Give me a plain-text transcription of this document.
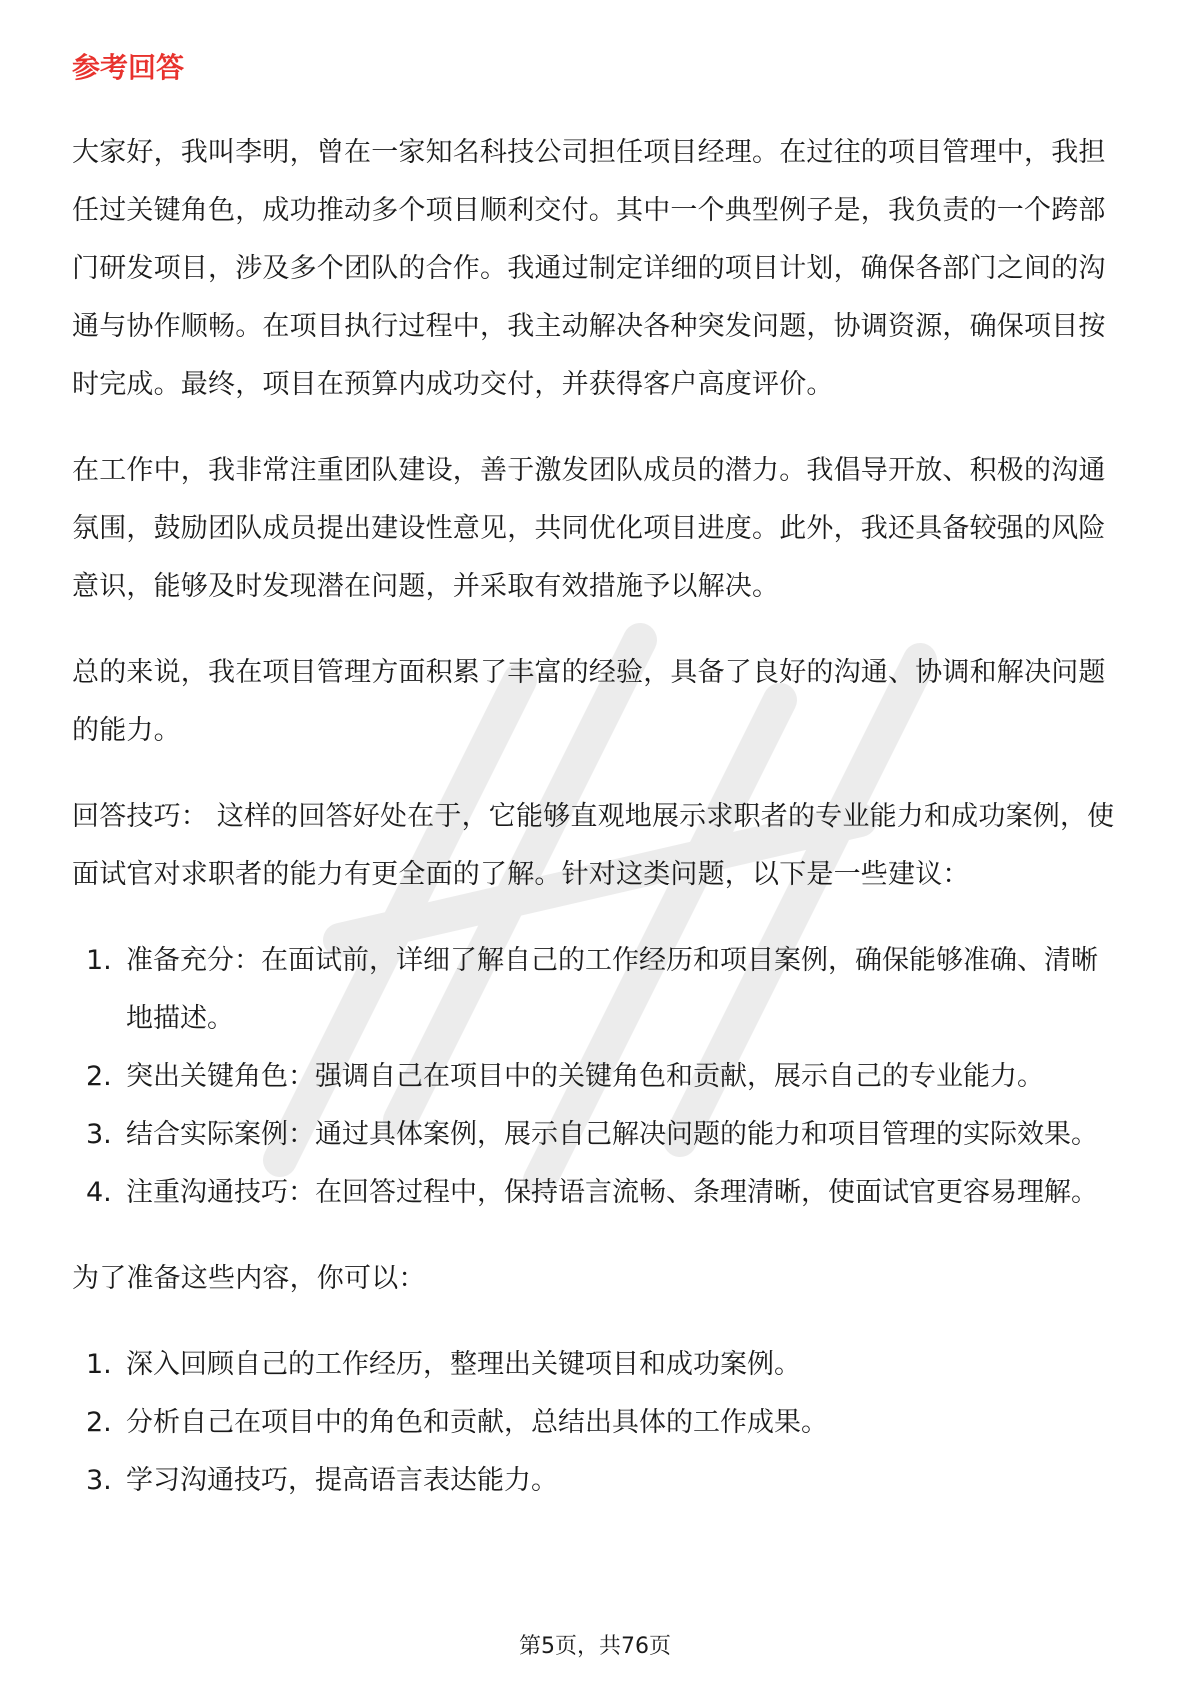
参考回答

大家好，我叫李明，曾在一家知名科技公司担任项目经理。在过往的项目管理中，我担任过关键角色，成功推动多个项目顺利交付。其中一个典型例子是，我负责的一个跨部门研发项目，涉及多个团队的合作。我通过制定详细的项目计划，确保各部门之间的沟通与协作顺畅。在项目执行过程中，我主动解决各种突发问题，协调资源，确保项目按时完成。最终，项目在预算内成功交付，并获得客户高度评价。

在工作中，我非常注重团队建设，善于激发团队成员的潜力。我倡导开放、积极的沟通氛围，鼓励团队成员提出建设性意见，共同优化项目进度。此外，我还具备较强的风险意识，能够及时发现潜在问题，并采取有效措施予以解决。

总的来说，我在项目管理方面积累了丰富的经验，具备了良好的沟通、协调和解决问题的能力。

回答技巧： 这样的回答好处在于，它能够直观地展示求职者的专业能力和成功案例，使面试官对求职者的能力有更全面的了解。针对这类问题，以下是一些建议：

1. 准备充分：在面试前，详细了解自己的工作经历和项目案例，确保能够准确、清晰地描述。
2. 突出关键角色：强调自己在项目中的关键角色和贡献，展示自己的专业能力。
3. 结合实际案例：通过具体案例，展示自己解决问题的能力和项目管理的实际效果。
4. 注重沟通技巧：在回答过程中，保持语言流畅、条理清晰，使面试官更容易理解。

为了准备这些内容，你可以：

1. 深入回顾自己的工作经历，整理出关键项目和成功案例。
2. 分析自己在项目中的角色和贡献，总结出具体的工作成果。
3. 学习沟通技巧，提高语言表达能力。
第5页，共76页
